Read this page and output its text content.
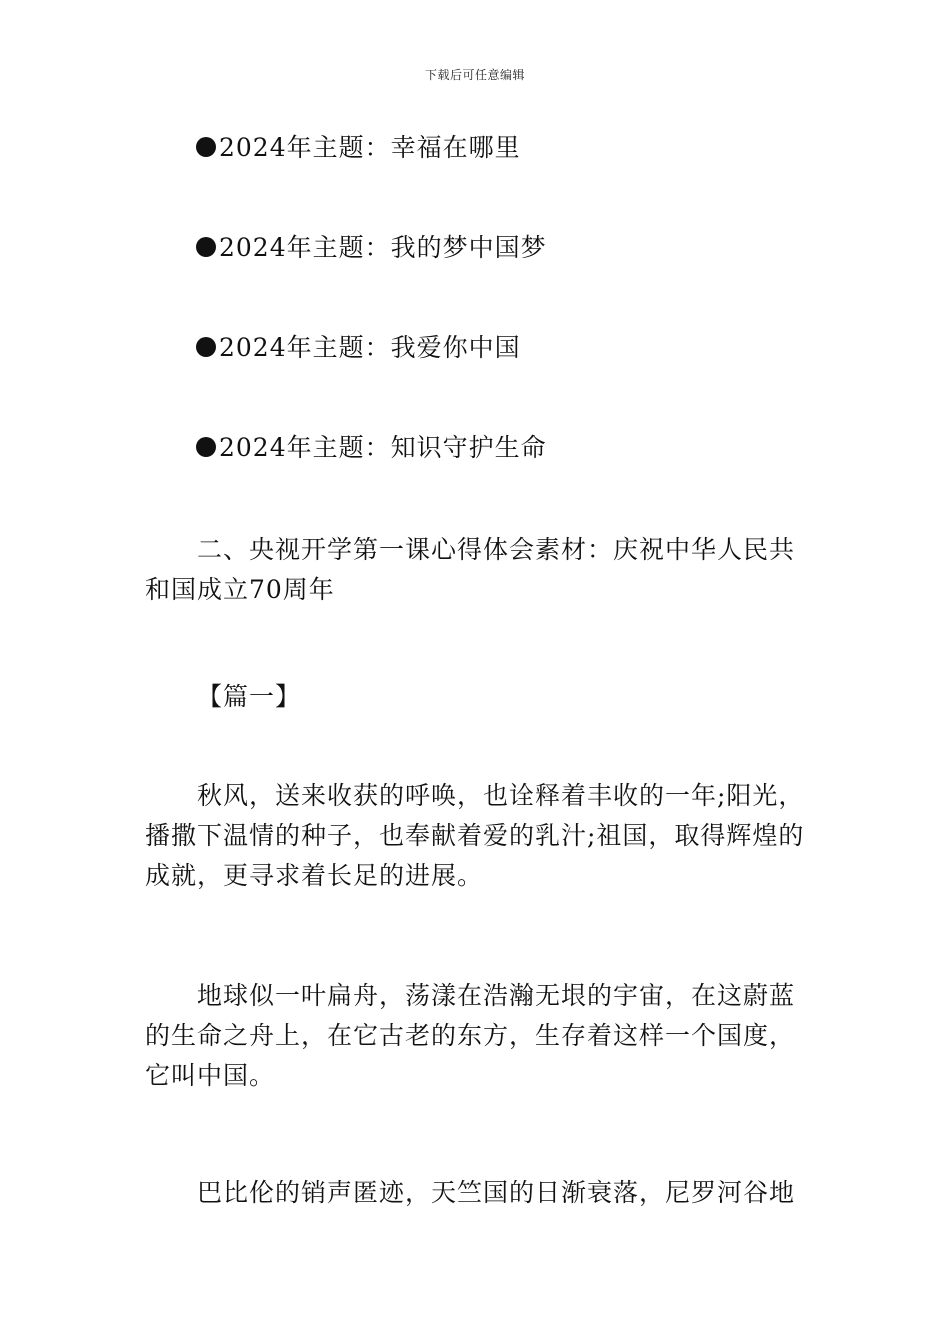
下载后可任意编辑
2024年主题：幸福在哪里
2024年主题：我的梦中国梦
2024年主题：我爱你中国
2024年主题：知识守护生命
二、央视开学第一课心得体会素材：庆祝中华人民共
和国成立70周年
【篇一】
秋风，送来收获的呼唤，也诠释着丰收的一年;阳光，
播撒下温情的种子，也奉献着爱的乳汁;祖国，取得辉煌的
成就，更寻求着长足的进展。
地球似一叶扁舟，荡漾在浩瀚无垠的宇宙，在这蔚蓝
的生命之舟上，在它古老的东方，生存着这样一个国度，
它叫中国。
巴比伦的销声匿迹，天竺国的日渐衰落，尼罗河谷地
